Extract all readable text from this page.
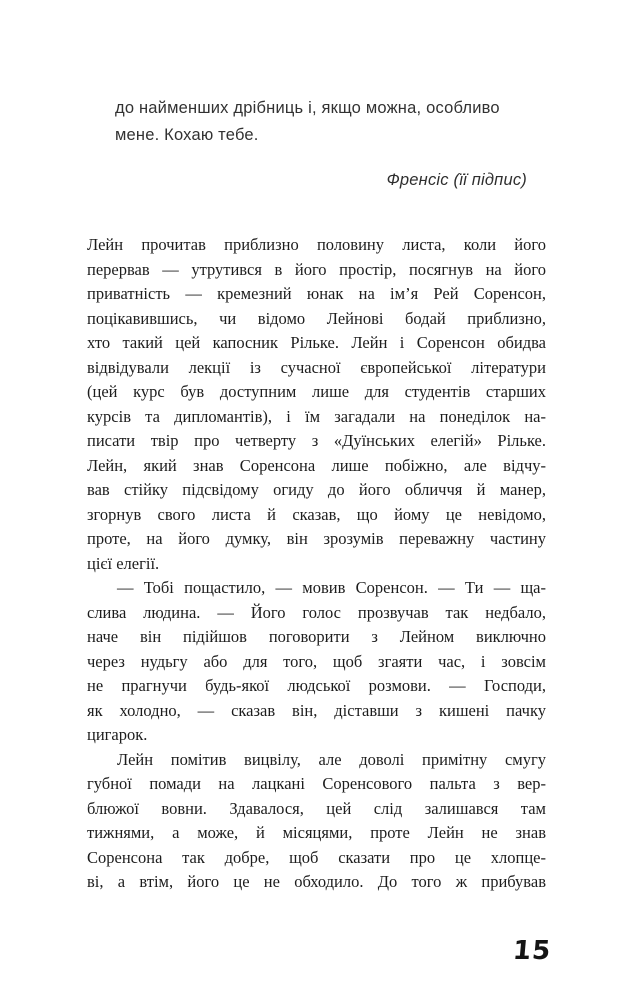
до найменших дрібниць і, якщо можна, особливо
мене. Кохаю тебе.
Френсіс (її підпис)
Лейн прочитав приблизно половину листа, коли його
перервав — утрутився в його простір, посягнув на його
приватність — кремезний юнак на ім’я Рей Соренсон,
поцікавившись, чи відомо Лейнові бодай приблизно,
хто такий цей капосник Рільке. Лейн і Соренсон обидва
відвідували лекції із сучасної європейської літератури
(цей курс був доступним лише для студентів старших
курсів та дипломантів), і їм загадали на понеділок на-
писати твір про четверту з «Дуїнських елегій» Рільке.
Лейн, який знав Соренсона лише побіжно, але відчу-
вав стійку підсвідому огиду до його обличчя й манер,
згорнув свого листа й сказав, що йому це невідомо,
проте, на його думку, він зрозумів переважну частину
цієї елегії.
— Тобі пощастило, — мовив Соренсон. — Ти — ща-
слива людина. — Його голос прозвучав так недбало,
наче він підійшов поговорити з Лейном виключно
через нудьгу або для того, щоб згаяти час, і зовсім
не прагнучи будь-якої людської розмови. — Господи,
як холодно, — сказав він, діставши з кишені пачку
цигарок.
Лейн помітив вицвілу, але доволі примітну смугу
губної помади на лацкані Соренсового пальта з вер-
блюжої вовни. Здавалося, цей слід залишався там
тижнями, а може, й місяцями, проте Лейн не знав
Соренсона так добре, щоб сказати про це хлопце-
ві, а втім, його це не обходило. До того ж прибував
15
